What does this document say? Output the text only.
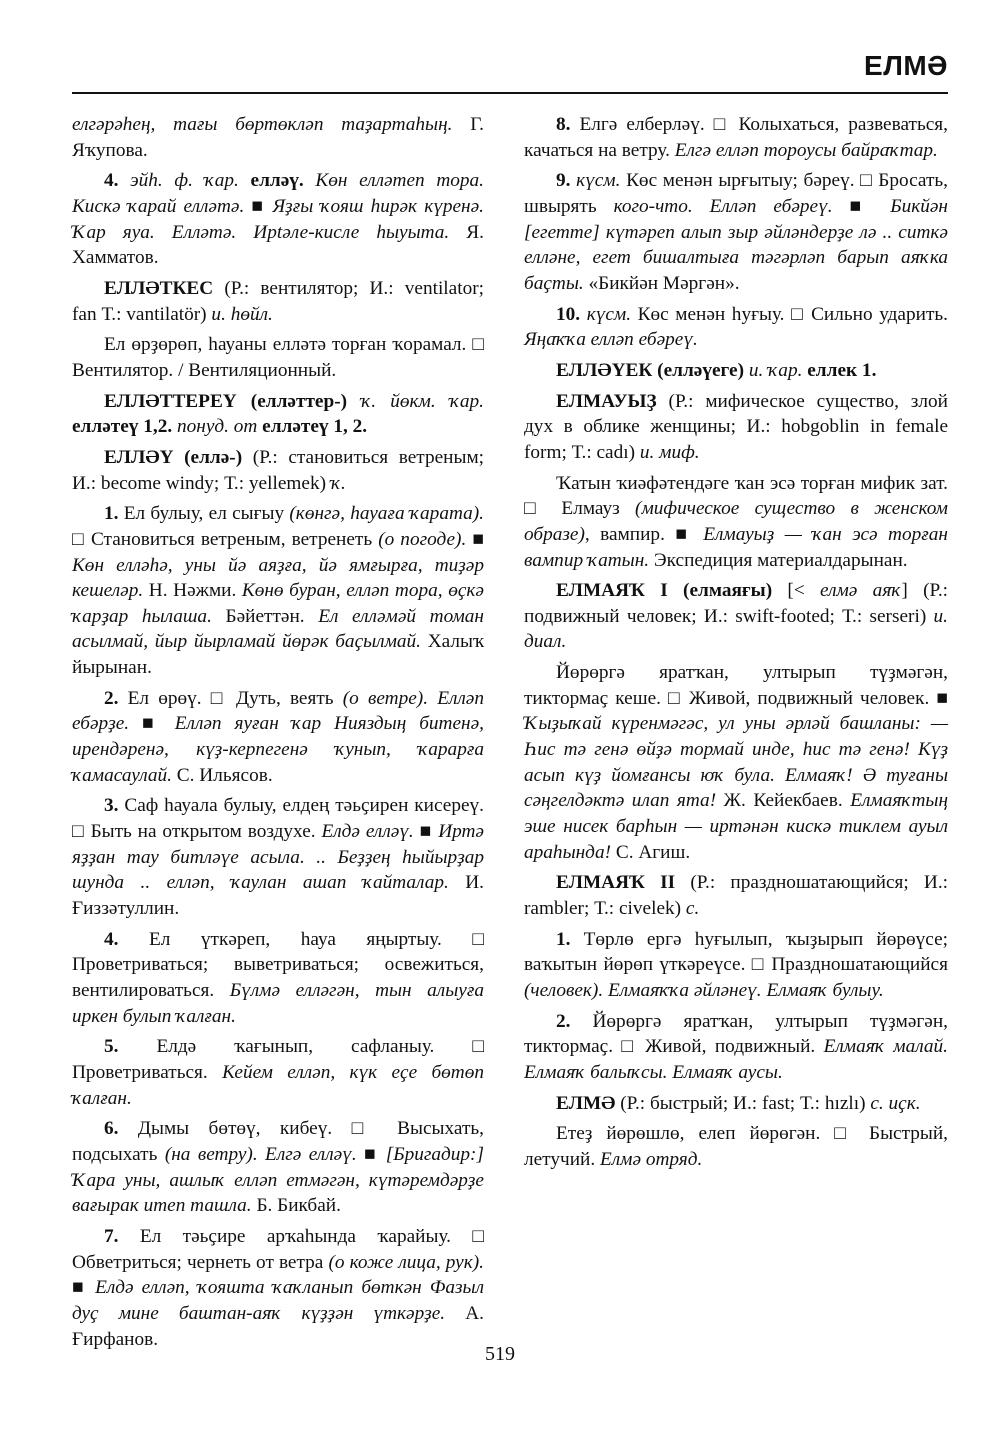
ЕЛМӘ

елгәрәһең, тағы бөртөкләп таҙартаһың. Г. Яҡупова.

4. эйһ. ф. ҡар. елләү. Көн еллəтеп тора. Кискә ҡарай елләтә. ■ Яҙғы ҡояш һирәк күренә. Ҡар яуа. Елләтә. Ирtәле-кисле һыуыта. Я. Хамматов.

ЕЛЛӘТКЕС (Р.: вентилятор; И.: ventilator; fan Т.: vantilatör) и. һөйл.

Ел өрҙөрөп, һауаны елләтә торған ҡорамал. □ Вентилятор. / Вентиляционный.

ЕЛЛӘТТЕРЕҮ (елләттер-) ҡ. йөкм. ҡар. елләтеү 1,2. понуд. от елләтеү 1, 2.

ЕЛЛӘҮ (еллә-) (Р.: становиться ветреным; И.: become windy; Т.: yellemek) ҡ.

1. Ел булыу, ел сығыу (көнгә, һауаға ҡарата). □ Становиться ветреным, ветренеть (о погоде). ■ Көн елләһә, уны йә аяҙға, йә ямғырға, тиҙәр кешеләр. Н. Нәжми. Көнө буран, еллəп тора, өҫкә ҡарҙар һылаша. Бәйеттән. Ел елләмәй томан асылмай, йыр йырламай йөрәк баҫылмай. Халыҡ йырынан.

2. Ел өрөү. □ Дуть, веять (о ветре). Елләп ебәрҙе. ■ Елләп яуған ҡар Нияздың битенә, ирендәренә, күҙ-керпегенә ҡунып, ҡарарға ҡамасаулай. С. Ильясов.

3. Саф һауала булыу, елдең тәьҫирен кисереү. □ Быть на открытом воздухе. Елдә елләү. ■ Иртә яҙҙан тау битләүе асыла. .. Беҙҙең һыйырҙар шунда .. елләп, ҡаулан ашап ҡайталар. И. Ғиззәтуллин.

4. Ел үткәреп, һауа яңыртыу. □ Проветриваться; выветриваться; освежиться, вентилироваться. Бүлмә елләгән, тын алыуға иркен булып ҡалған.

5. Елдә ҡағынып, сафланыу. □ Проветриваться. Кейем елләп, күк еҫе бөтөп ҡалған.

6. Дымы бөтөү, кибеү. □ Высыхать, подсыхать (на ветру). Елгә елләү. ■ [Бригадир:] Ҡара уны, ашлыҡ елләп етмәгән, күтәремдәрҙе вағырак итеп ташла. Б. Бикбай.

7. Ел тәьҫире арҡаһында ҡарайыу. □ Обветриться; чернеть от ветра (о коже лица, рук). ■ Елдә елләп, ҡояшта ҡаҡланып бөткән Фазыл дуҫ мине баштан-аяҡ күҙҙән үткәрҙе. А. Ғирфанов.

8. Елгә елберләү. □ Колыхаться, развеваться, качаться на ветру. Елгә елләп тороусы байраҡтар.

9. күсм. Көс менән ырғытыу; бәреү. □ Бросать, швырять кого-что. Елләп ебәреү. ■ Бикйән [егетте] күтәреп алып зыр әйләндерҙе лә .. ситкә елләне, егет бишалтығa тәгәрләп барып аяҡка баҫты. «Бикйән Мәргән».

10. күсм. Көс менән һуғыу. □ Сильно ударить. Яңаҡҡа елләп ебәреү.

ЕЛЛӘҮЕК (елләүеге) и. ҡар. еллек 1.

ЕЛМАУЫҘ (Р.: мифическое существо, злой дух в облике женщины; И.: hobgoblin in female form; Т.: cadı) и. миф.

Ҡатын ҡиәфәтендәге ҡан эсә торған мифик зат. □ Елмауз (мифическое существо в женском образе), вампир. ■ Елмауыҙ — ҡан эсә торған вампир ҡатын. Экспедиция материалдарынан.

ЕЛМАЯҠ I (елмаяғы) [< елмә аяҡ] (Р.: подвижный человек; И.: swift-footed; Т.: serseri) и. диал.

Йөрөргә яратҡан, ултырып түҙмәгән, тиктормаҫ кеше. □ Живой, подвижный человек. ■ Ҡыҙыҡай күренмәгәс, ул уны әрләй башланы: — Һис тә генә өйҙә тормай инде, һис тә генә! Күҙ асып күҙ йомғансы юҡ була. Елмаяҡ! Ә туғаны сәңгелдәктә илап ята! Ж. Кейекбаев. Елмаяҡтың эше нисек барһын — иртәнән кискә тиклем ауыл араһында! С. Агиш.

ЕЛМАЯҠ II (Р.: праздношатающийся; И.: rambler; Т.: civelek) с.

1. Төрлө ергә һуғылып, ҡыҙырып йөрөүсе; ваҡытын йөрөп үткәреүсе. □ Праздношатающийся (человек). Елмаяҡҡа әйләнеү. Елмаяҡ булыу.

2. Йөрөргә яратҡан, ултырып түҙмәгән, тиктормаҫ. □ Живой, подвижный. Елмаяҡ малай. Елмаяҡ балыҡсы. Елмаяҡ аусы.

ЕЛМӘ (Р.: быстрый; И.: fast; Т.: hızlı) с. иҫк.

Етеҙ йөрөшлө, елеп йөрөгән. □ Быстрый, летучий. Елмә отряд.

519
